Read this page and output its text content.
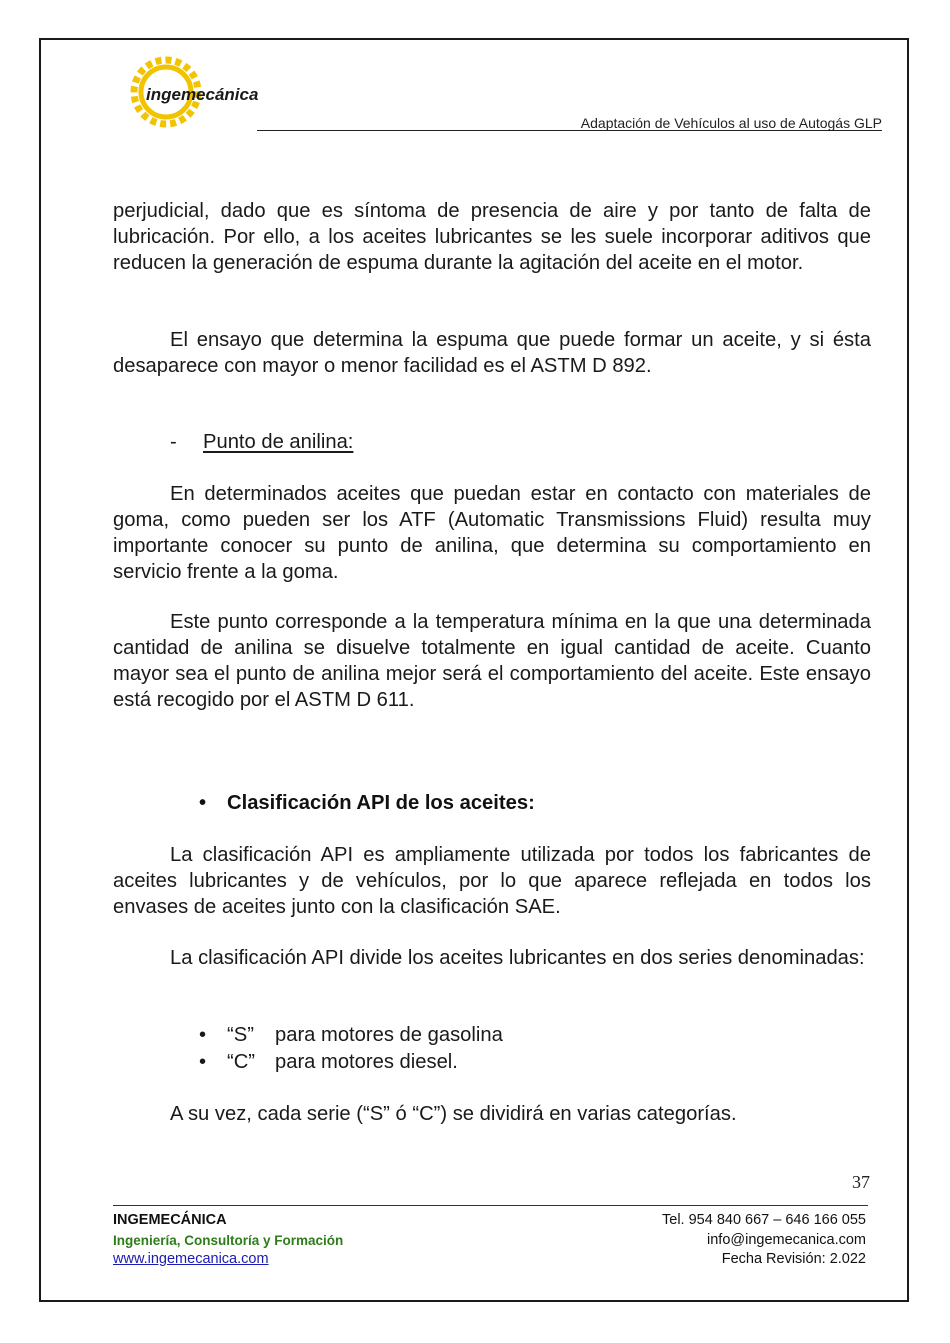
ingemecánica
Adaptación de Vehículos al uso de Autogás GLP
perjudicial, dado que es síntoma de presencia de aire y por tanto de falta de lubricación. Por ello, a los aceites lubricantes se les suele incorporar aditivos que reducen la generación de espuma durante la agitación del aceite en el motor.
El ensayo que determina la espuma que puede formar un aceite, y si ésta desaparece con mayor o menor facilidad es el ASTM D 892.
- Punto de anilina:
En determinados aceites que puedan estar en contacto con materiales de goma, como pueden ser los ATF (Automatic Transmissions Fluid) resulta muy importante conocer su punto de anilina, que determina su comportamiento en servicio frente a la goma.
Este punto corresponde a la temperatura mínima en la que una determinada cantidad de anilina se disuelve totalmente en igual cantidad de aceite. Cuanto mayor sea el punto de anilina mejor será el comportamiento del aceite. Este ensayo está recogido por el ASTM D 611.
• Clasificación API de los aceites:
La clasificación API es ampliamente utilizada por todos los fabricantes de aceites lubricantes y de vehículos, por lo que aparece reflejada en todos los envases de aceites junto con la clasificación SAE.
La clasificación API divide los aceites lubricantes en dos series denominadas:
• “S” para motores de gasolina
• “C” para motores diesel.
A su vez, cada serie (“S” ó “C”) se dividirá en varias categorías.
37
INGEMECÁNICA
Ingeniería, Consultoría y Formación
www.ingemecanica.com
Tel. 954 840 667 – 646 166 055
info@ingemecanica.com
Fecha Revisión: 2.022
